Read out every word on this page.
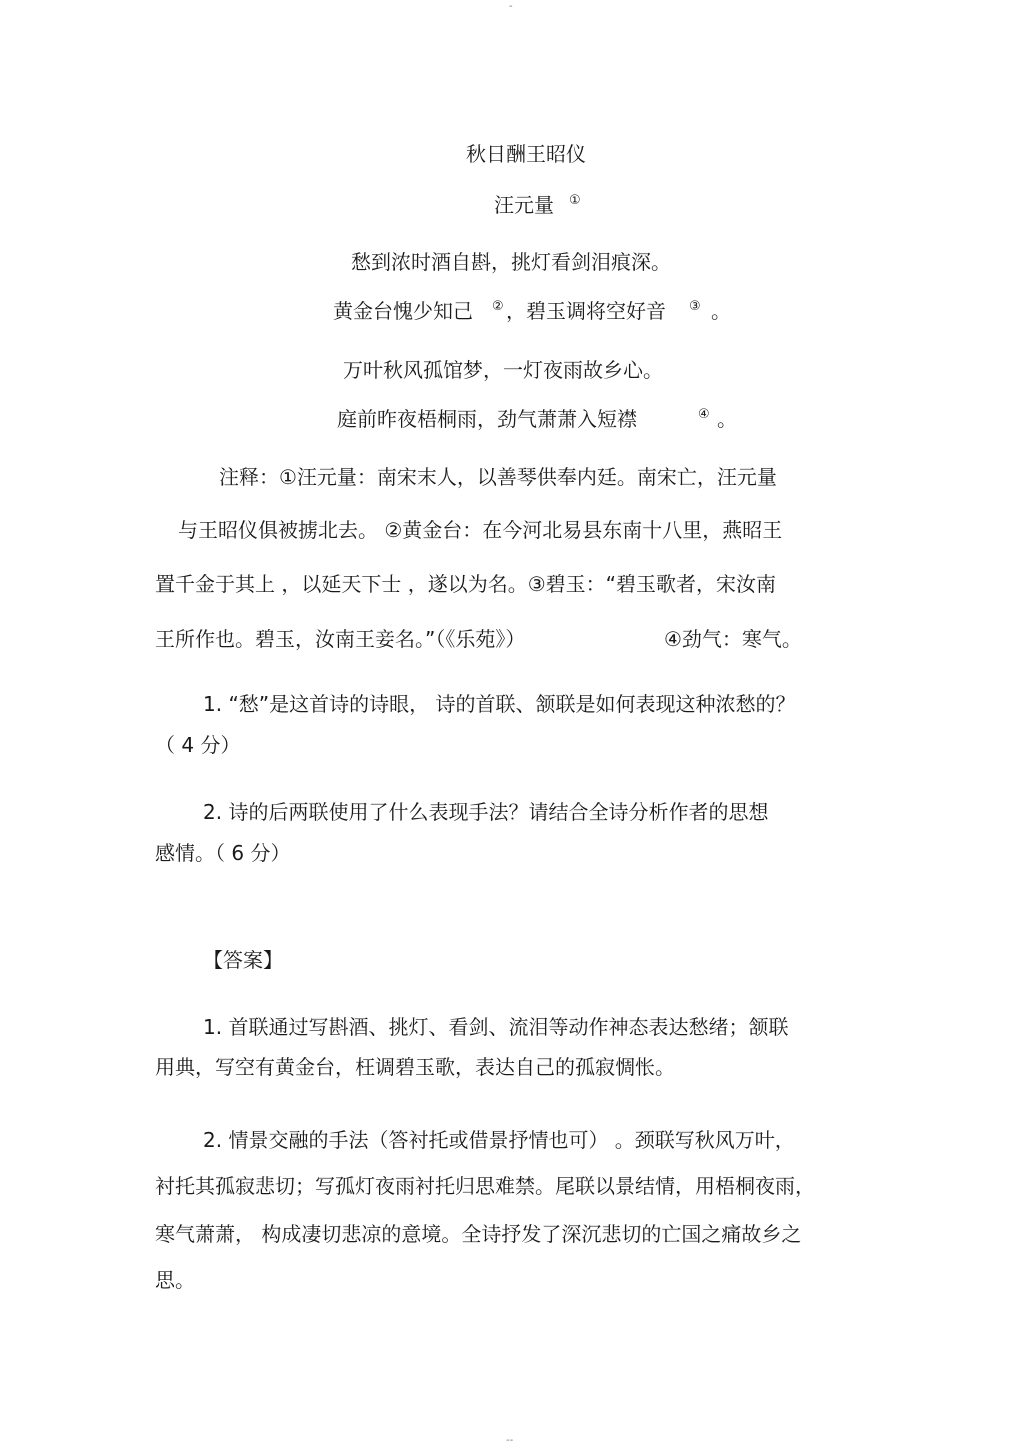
-
--
秋日酬王昭仪
汪元量 ①
愁到浓时酒自斟，挑灯看剑泪痕深。
黄金台愧少知己 ② ，碧玉调将空好音 ③ 。
万叶秋风孤馆梦，一灯夜雨故乡心。
庭前昨夜梧桐雨，劲气萧萧入短襟	④ 。
注释：①汪元量：南宋末人，以善琴供奉内廷。南宋亡，汪元量
与王昭仪俱被掳北去。 ②黄金台：在今河北易县东南十八里，燕昭王
置千金于其上 ，以延天下士 ，遂以为名。③碧玉：“碧玉歌者，宋汝南
王所作也。碧玉，汝南王妾名。”（《乐苑》）	④劲气：寒气。
1. “愁”是这首诗的诗眼， 诗的首联、颔联是如何表现这种浓愁的？
（ 4 分）
2. 诗的后两联使用了什么表现手法？请结合全诗分析作者的思想
感情。（ 6 分）
【答案】
1. 首联通过写斟酒、挑灯、看剑、流泪等动作神态表达愁绪；颔联
用典，写空有黄金台，枉调碧玉歌，表达自己的孤寂惆怅。
2. 情景交融的手法（答衬托或借景抒情也可） 。颈联写秋风万叶，
衬托其孤寂悲切；写孤灯夜雨衬托归思难禁。尾联以景结情，用梧桐夜雨，
寒气萧萧， 构成凄切悲凉的意境。全诗抒发了深沉悲切的亡国之痛故乡之
思。
